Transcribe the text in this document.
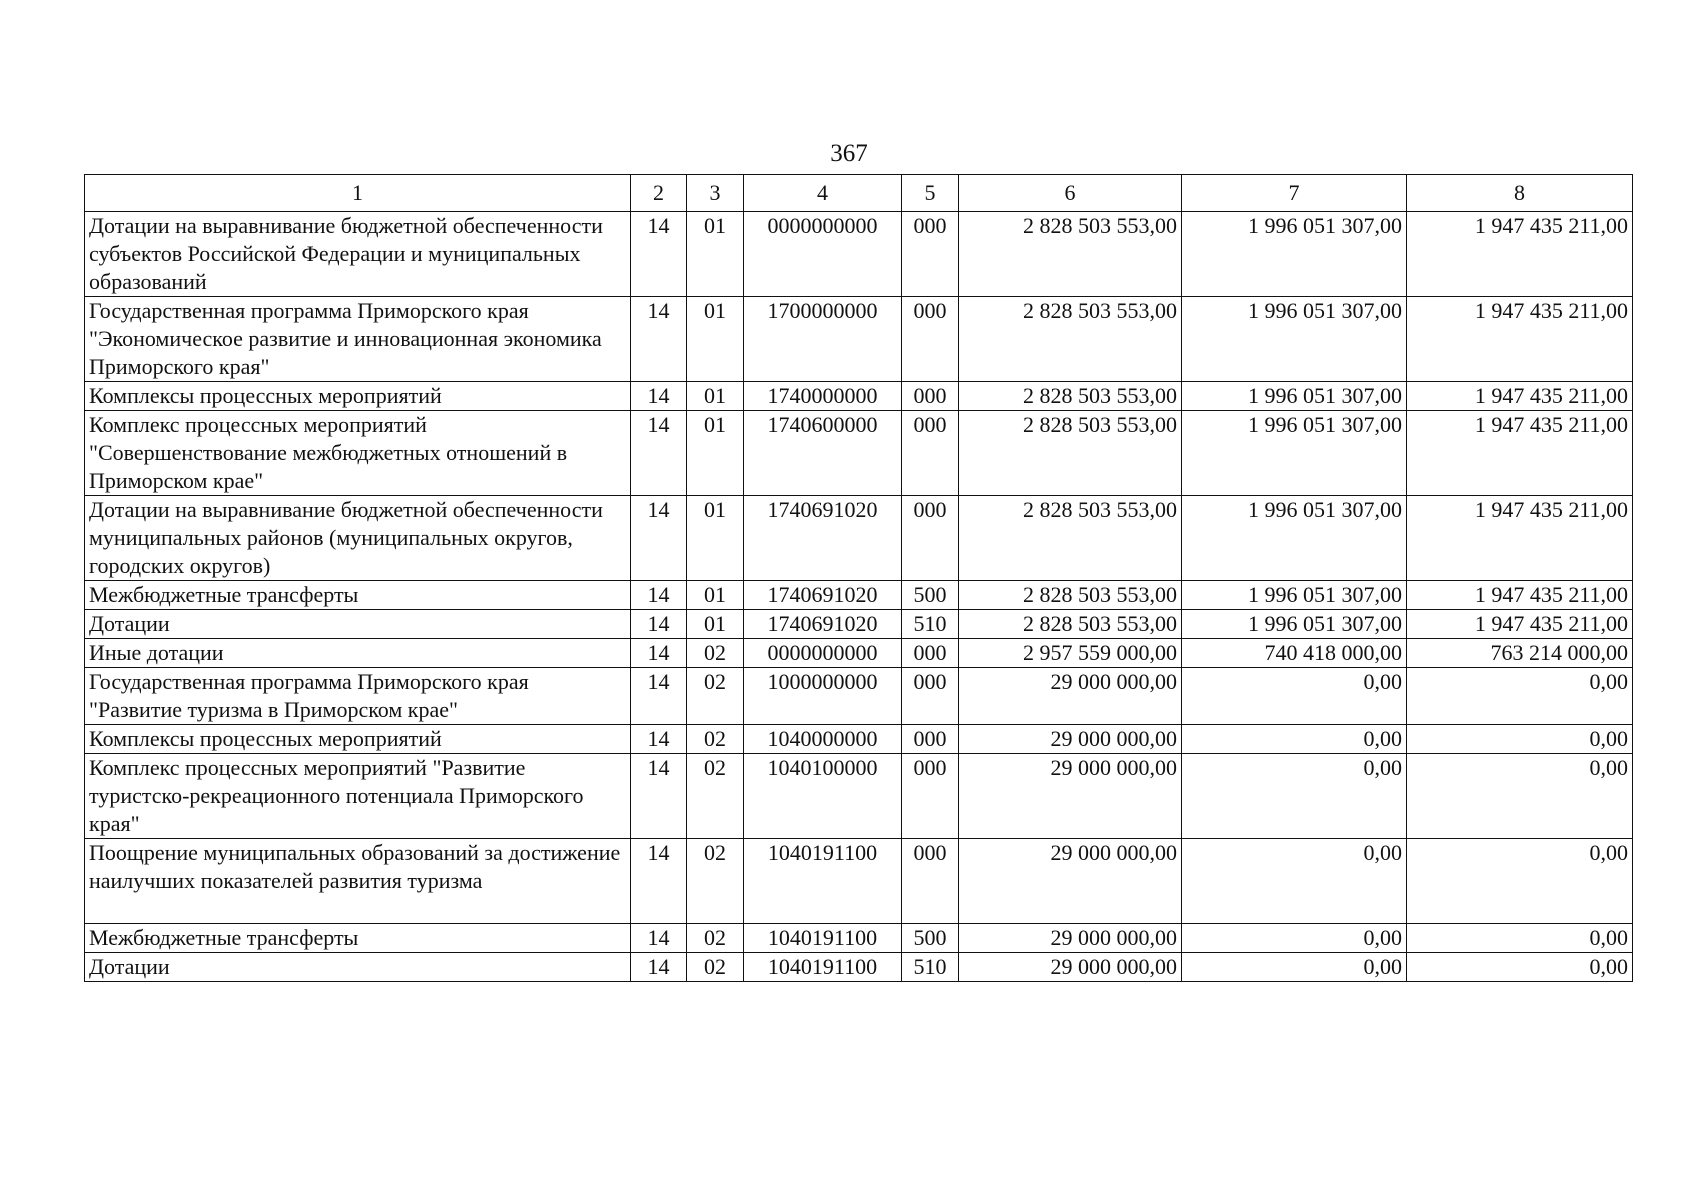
367
1	2	3	4	5	6	7	8
Дотации на выравнивание бюджетной обеспеченности субъектов Российской Федерации и муниципальных образований	14	01	0000000000	000	2 828 503 553,00	1 996 051 307,00	1 947 435 211,00
Государственная программа Приморского края "Экономическое развитие и инновационная экономика Приморского края"	14	01	1700000000	000	2 828 503 553,00	1 996 051 307,00	1 947 435 211,00
Комплексы процессных мероприятий	14	01	1740000000	000	2 828 503 553,00	1 996 051 307,00	1 947 435 211,00
Комплекс процессных мероприятий "Совершенствование межбюджетных отношений в Приморском крае"	14	01	1740600000	000	2 828 503 553,00	1 996 051 307,00	1 947 435 211,00
Дотации на выравнивание бюджетной обеспеченности муниципальных районов (муниципальных округов, городских округов)	14	01	1740691020	000	2 828 503 553,00	1 996 051 307,00	1 947 435 211,00
Межбюджетные трансферты	14	01	1740691020	500	2 828 503 553,00	1 996 051 307,00	1 947 435 211,00
Дотации	14	01	1740691020	510	2 828 503 553,00	1 996 051 307,00	1 947 435 211,00
Иные дотации	14	02	0000000000	000	2 957 559 000,00	740 418 000,00	763 214 000,00
Государственная программа Приморского края "Развитие туризма в Приморском крае"	14	02	1000000000	000	29 000 000,00	0,00	0,00
Комплексы процессных мероприятий	14	02	1040000000	000	29 000 000,00	0,00	0,00
Комплекс процессных мероприятий "Развитие туристско-рекреационного потенциала Приморского края"	14	02	1040100000	000	29 000 000,00	0,00	0,00
Поощрение муниципальных образований за достижение наилучших показателей развития туризма	14	02	1040191100	000	29 000 000,00	0,00	0,00
Межбюджетные трансферты	14	02	1040191100	500	29 000 000,00	0,00	0,00
Дотации	14	02	1040191100	510	29 000 000,00	0,00	0,00
